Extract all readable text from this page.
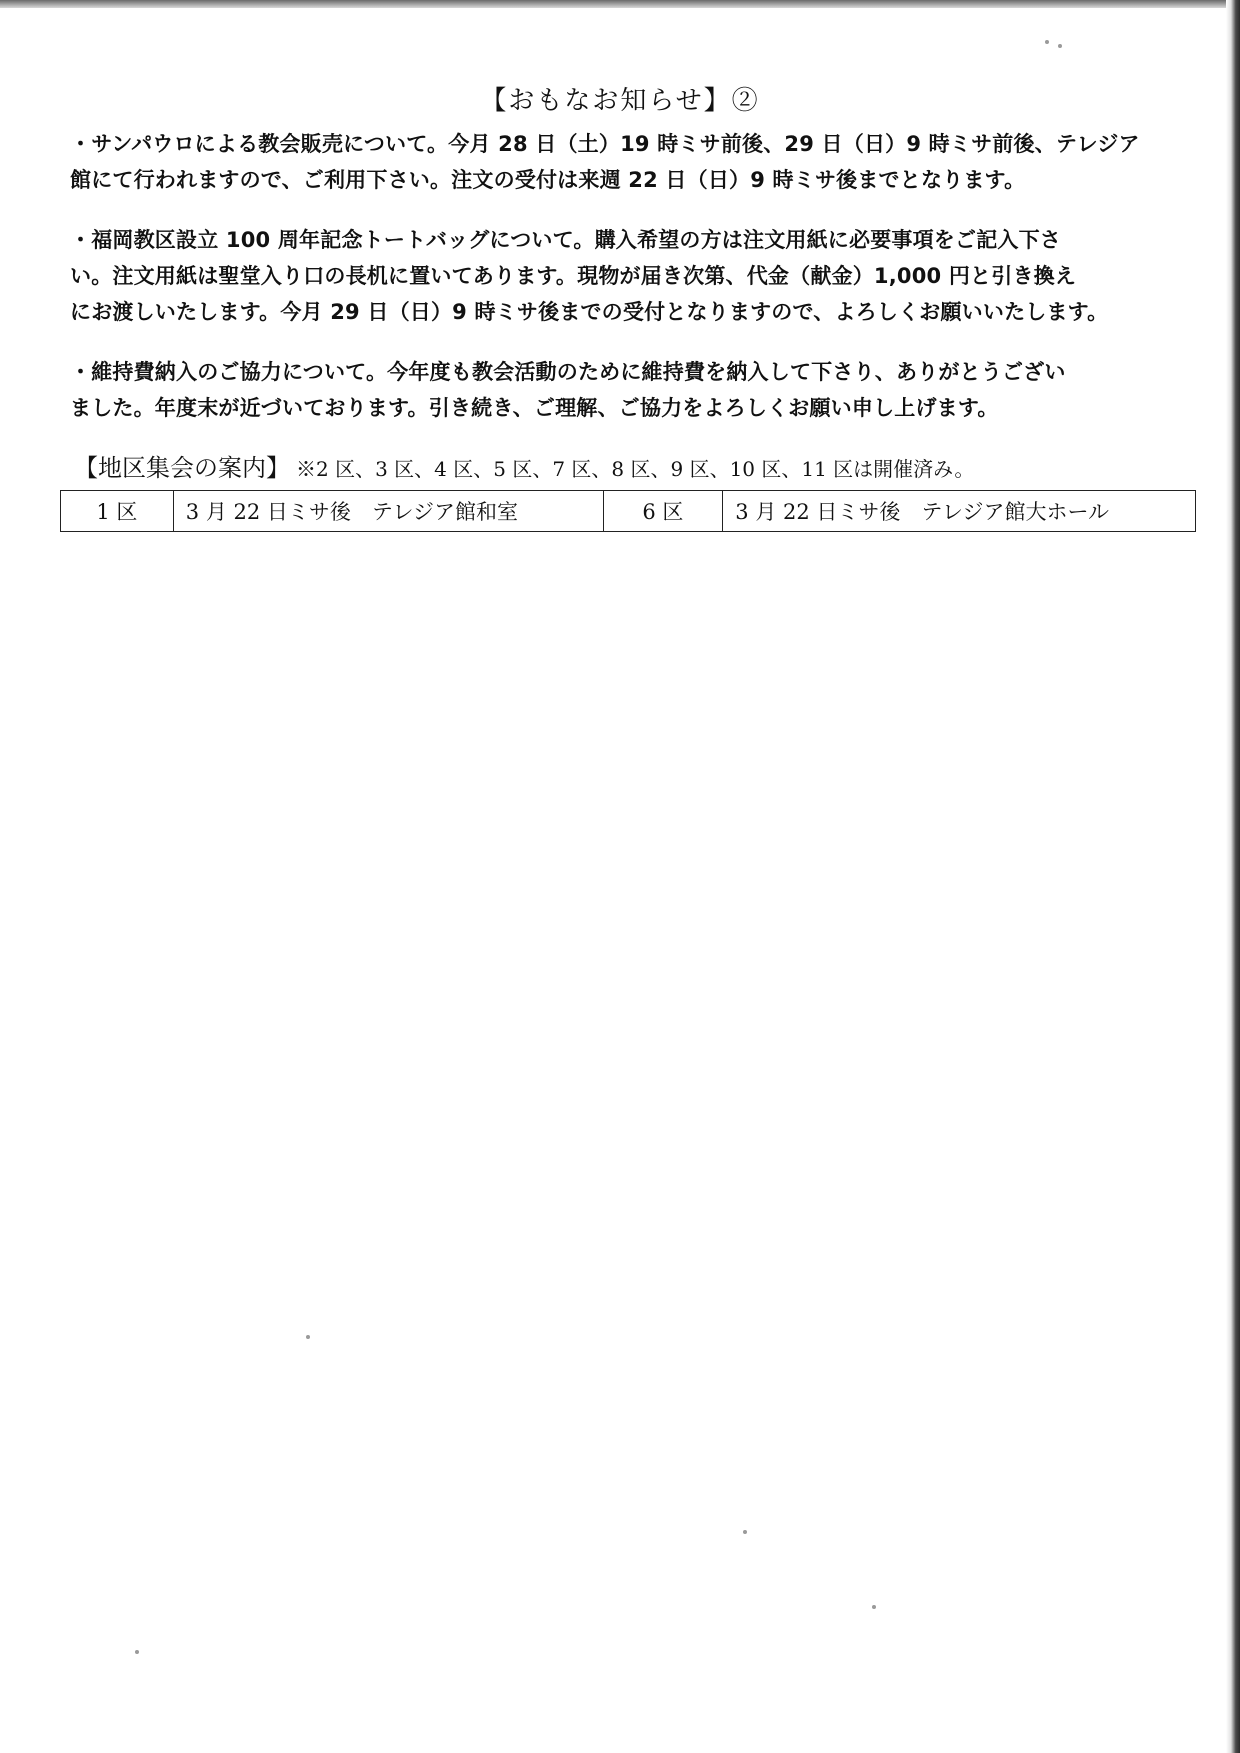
【おもなお知らせ】②

・サンパウロによる教会販売について。今月 28 日（土）19 時ミサ前後、29 日（日）9 時ミサ前後、テレジア

館にて行われますので、ご利用下さい。注文の受付は来週 22 日（日）9 時ミサ後までとなります。

・福岡教区設立 100 周年記念トートバッグについて。購入希望の方は注文用紙に必要事項をご記入下さ

い。注文用紙は聖堂入り口の長机に置いてあります。現物が届き次第、代金（献金）1,000 円と引き換え

にお渡しいたします。今月 29 日（日）9 時ミサ後までの受付となりますので、よろしくお願いいたします。

・維持費納入のご協力について。今年度も教会活動のために維持費を納入して下さり、ありがとうござい

ました。年度末が近づいております。引き続き、ご理解、ご協力をよろしくお願い申し上げます。

【地区集会の案内】 ※2 区、3 区、4 区、5 区、7 区、8 区、9 区、10 区、11 区は開催済み。
1 区	3 月 22 日ミサ後　テレジア館和室	6 区	3 月 22 日ミサ後　テレジア館大ホール
